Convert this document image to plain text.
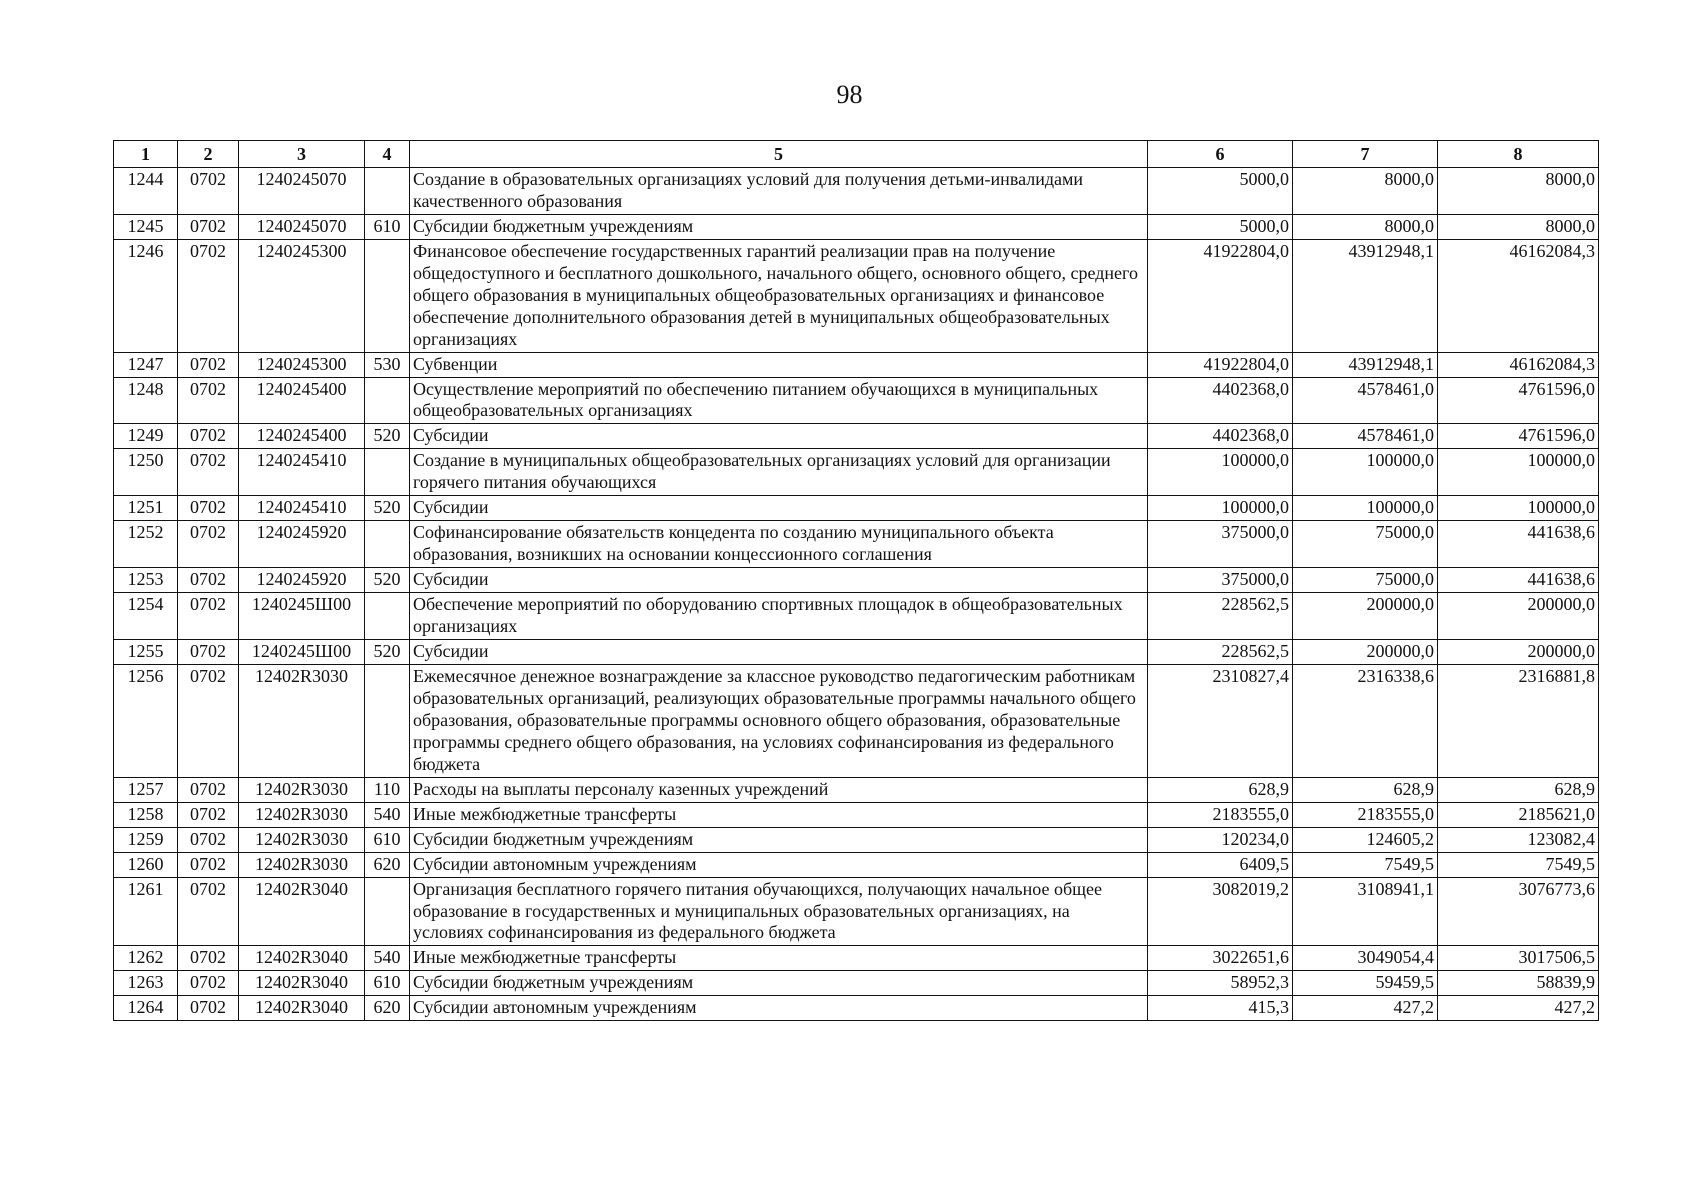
98
1	2	3	4	5	6	7	8
1244	0702	1240245070		Создание в образовательных организациях условий для получения детьми-инвалидами качественного образования	5000,0	8000,0	8000,0
1245	0702	1240245070	610	Субсидии бюджетным учреждениям	5000,0	8000,0	8000,0
1246	0702	1240245300		Финансовое обеспечение государственных гарантий реализации прав на получение общедоступного и бесплатного дошкольного, начального общего, основного общего, среднего общего образования в муниципальных общеобразовательных организациях и финансовое обеспечение дополнительного образования детей в муниципальных общеобразовательных организациях	41922804,0	43912948,1	46162084,3
1247	0702	1240245300	530	Субвенции	41922804,0	43912948,1	46162084,3
1248	0702	1240245400		Осуществление мероприятий по обеспечению питанием обучающихся в муниципальных общеобразовательных организациях	4402368,0	4578461,0	4761596,0
1249	0702	1240245400	520	Субсидии	4402368,0	4578461,0	4761596,0
1250	0702	1240245410		Создание в муниципальных общеобразовательных организациях условий для организации горячего питания обучающихся	100000,0	100000,0	100000,0
1251	0702	1240245410	520	Субсидии	100000,0	100000,0	100000,0
1252	0702	1240245920		Софинансирование обязательств концедента по созданию муниципального объекта образования, возникших на основании концессионного соглашения	375000,0	75000,0	441638,6
1253	0702	1240245920	520	Субсидии	375000,0	75000,0	441638,6
1254	0702	1240245Ш00		Обеспечение мероприятий по оборудованию спортивных площадок в общеобразовательных организациях	228562,5	200000,0	200000,0
1255	0702	1240245Ш00	520	Субсидии	228562,5	200000,0	200000,0
1256	0702	12402R3030		Ежемесячное денежное вознаграждение за классное руководство педагогическим работникам образовательных организаций, реализующих образовательные программы начального общего образования, образовательные программы основного общего образования, образовательные программы среднего общего образования, на условиях софинансирования из федерального бюджета	2310827,4	2316338,6	2316881,8
1257	0702	12402R3030	110	Расходы на выплаты персоналу казенных учреждений	628,9	628,9	628,9
1258	0702	12402R3030	540	Иные межбюджетные трансферты	2183555,0	2183555,0	2185621,0
1259	0702	12402R3030	610	Субсидии бюджетным учреждениям	120234,0	124605,2	123082,4
1260	0702	12402R3030	620	Субсидии автономным учреждениям	6409,5	7549,5	7549,5
1261	0702	12402R3040		Организация бесплатного горячего питания обучающихся, получающих начальное общее образование в государственных и муниципальных образовательных организациях, на условиях софинансирования из федерального бюджета	3082019,2	3108941,1	3076773,6
1262	0702	12402R3040	540	Иные межбюджетные трансферты	3022651,6	3049054,4	3017506,5
1263	0702	12402R3040	610	Субсидии бюджетным учреждениям	58952,3	59459,5	58839,9
1264	0702	12402R3040	620	Субсидии автономным учреждениям	415,3	427,2	427,2
